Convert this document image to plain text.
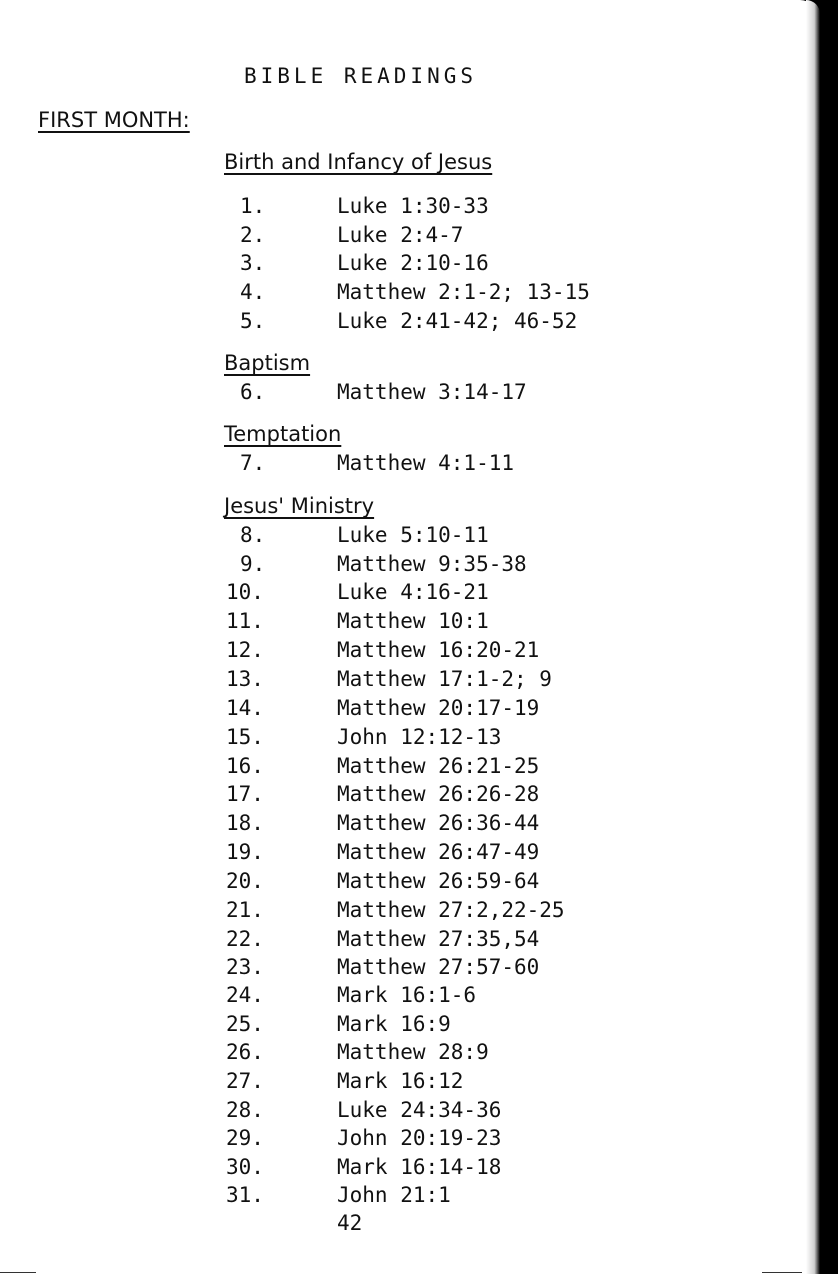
BIBLE READINGS
FIRST MONTH:
Birth and Infancy of Jesus
1.	Luke 1:30-33
2.	Luke 2:4-7
3.	Luke 2:10-16
4.	Matthew 2:1-2; 13-15
5.	Luke 2:41-42; 46-52
Baptism
6.	Matthew 3:14-17
Temptation
7.	Matthew 4:1-11
Jesus' Ministry
8.	Luke 5:10-11
9.	Matthew 9:35-38
10.	Luke 4:16-21
11.	Matthew 10:1
12.	Matthew 16:20-21
13.	Matthew 17:1-2; 9
14.	Matthew 20:17-19
15.	John 12:12-13
16.	Matthew 26:21-25
17.	Matthew 26:26-28
18.	Matthew 26:36-44
19.	Matthew 26:47-49
20.	Matthew 26:59-64
21.	Matthew 27:2,22-25
22.	Matthew 27:35,54
23.	Matthew 27:57-60
24.	Mark 16:1-6
25.	Mark 16:9
26.	Matthew 28:9
27.	Mark 16:12
28.	Luke 24:34-36
29.	John 20:19-23
30.	Mark 16:14-18
31.	John 21:1
42
